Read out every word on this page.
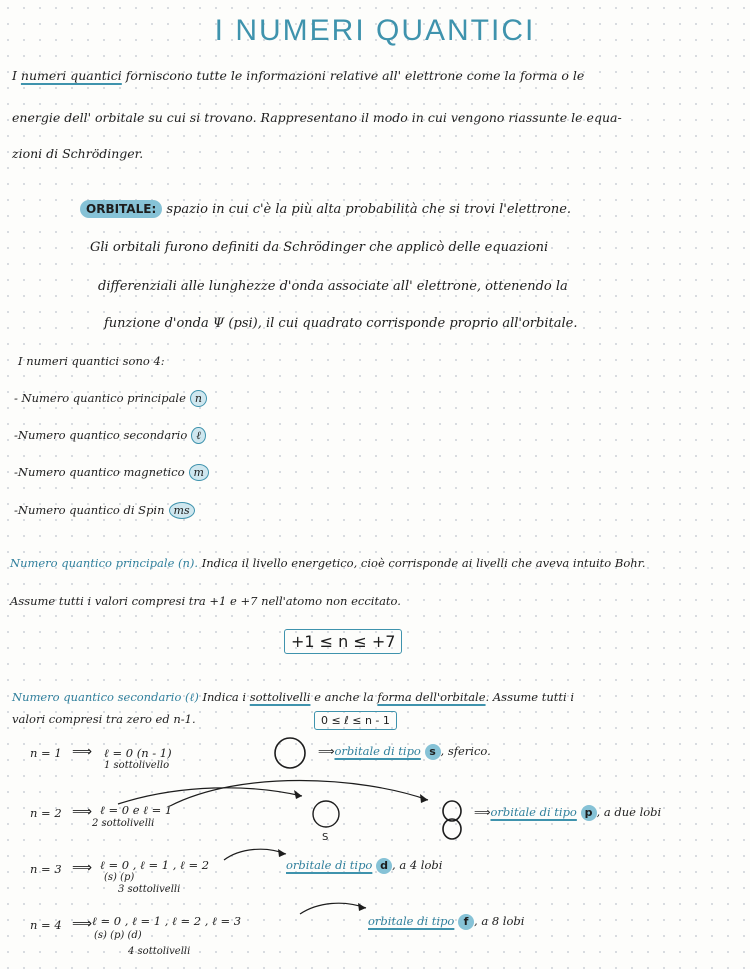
I NUMERI QUANTICI
I numeri quantici forniscono tutte le informazioni relative all' elettrone come la forma o le
energie dell' orbitale su cui si trovano. Rappresentano il modo in cui vengono riassunte le equa-
zioni di Schrödinger.
ORBITALE: spazio in cui c'è la più alta probabilità che si trovi l'elettrone.
Gli orbitali furono definiti da Schrödinger che applicò delle equazioni
differenziali alle lunghezze d'onda associate all' elettrone, ottenendo la
funzione d'onda Ψ (psi), il cui quadrato corrisponde proprio all'orbitale.
I numeri quantici sono 4:
- Numero quantico principale n
-Numero quantico secondario ℓ
-Numero quantico magnetico m
-Numero quantico di Spin ms
Numero quantico principale (n). Indica il livello energetico, cioè corrisponde ai livelli che aveva intuito Bohr.
Assume tutti i valori compresi tra +1 e +7 nell'atomo non eccitato.
+1 ≤ n ≤ +7
Numero quantico secondario (ℓ) Indica i sottolivelli e anche la forma dell'orbitale. Assume tutti i
valori compresi tra zero ed n-1.	0 ≤ ℓ ≤ n - 1
n = 1 ⟹ ℓ = 0 (n - 1)
1 sottolivello
⟹orbitale di tipo s , sferico.
n = 2 ⟹ ℓ = 0 e ℓ = 1
2 sottolivelli
S
⟹orbitale di tipo p , a due lobi
n = 3 ⟹ ℓ = 0 , ℓ = 1 , ℓ = 2
(s) (p)
3 sottolivelli
orbitale di tipo d , a 4 lobi
n = 4 ⟹ ℓ = 0 , ℓ = 1 , ℓ = 2 , ℓ = 3
(s) (p) (d)
4 sottolivelli
orbitale di tipo f , a 8 lobi
